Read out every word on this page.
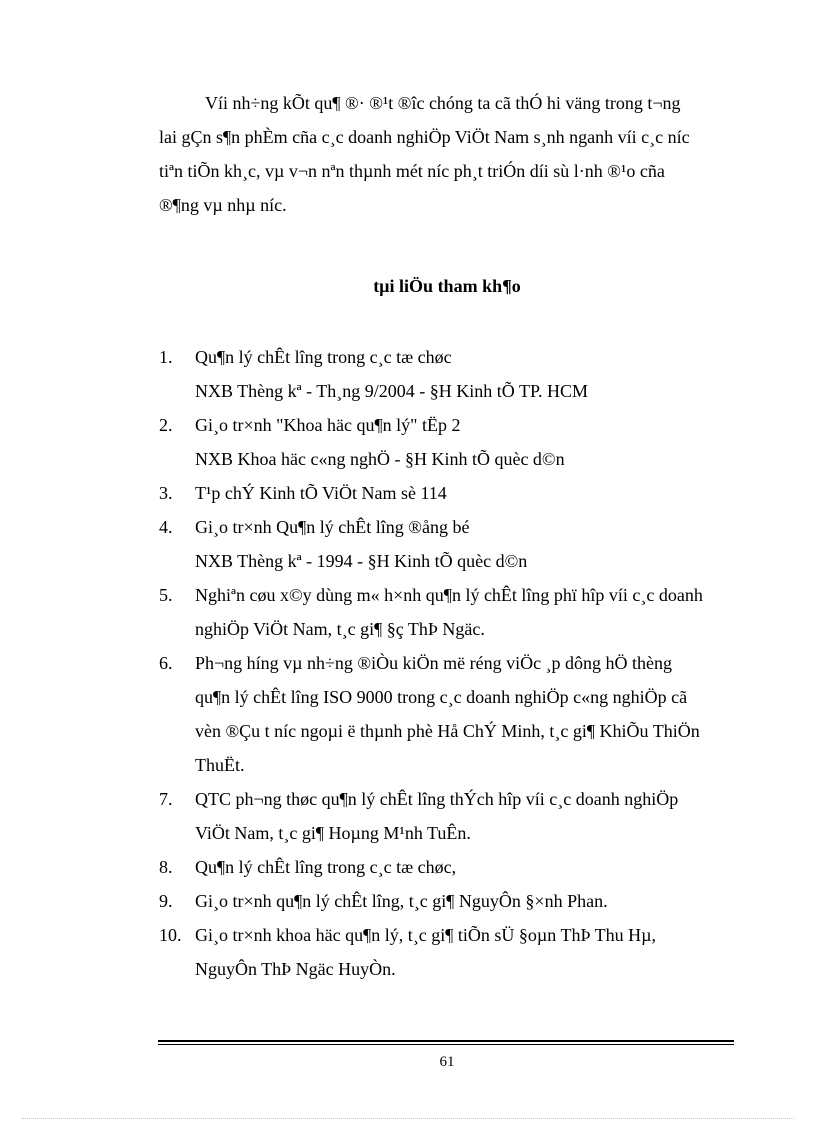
Víi nh÷ng kÕt qu¶ ®· ®¹t ®îc chóng ta cã thÓ hi väng trong t¬ng
lai gÇn s¶n phÈm cña c¸c doanh nghiÖp ViÖt Nam s¸nh nganh víi c¸c níc
tiªn tiÕn kh¸c, vµ v¬n nªn thµnh mét níc ph¸t triÓn díi sù l·nh ®¹o cña
®¶ng vµ nhµ níc.
tµi liÖu tham kh¶o
1. Qu¶n lý chÊt lîng trong c¸c tæ chøc
NXB Thèng kª - Th¸ng 9/2004 - §H Kinh tÕ TP. HCM
2. Gi¸o tr×nh "Khoa häc qu¶n lý" tËp 2
NXB Khoa häc c«ng nghÖ - §H Kinh tÕ quèc d©n
3. T¹p chÝ Kinh tÕ ViÖt Nam sè 114
4. Gi¸o tr×nh Qu¶n lý chÊt lîng ®ång bé
NXB Thèng kª - 1994 - §H Kinh tÕ quèc d©n
5. Nghiªn cøu x©y dùng m« h×nh qu¶n lý chÊt lîng phï hîp víi c¸c doanh
nghiÖp ViÖt Nam, t¸c gi¶ §ç ThÞ Ngäc.
6. Ph¬ng híng vµ nh÷ng ®iÒu kiÖn më réng viÖc ¸p dông hÖ thèng
qu¶n lý chÊt lîng ISO 9000 trong c¸c doanh nghiÖp c«ng nghiÖp cã
vèn ®Çu t níc ngoµi ë thµnh phè Hå ChÝ Minh, t¸c gi¶ KhiÕu ThiÖn
ThuËt.
7. QTC ph¬ng thøc qu¶n lý chÊt lîng thÝch hîp víi c¸c doanh nghiÖp
ViÖt Nam, t¸c gi¶ Hoµng M¹nh TuÊn.
8. Qu¶n lý chÊt lîng trong c¸c tæ chøc,
9. Gi¸o tr×nh qu¶n lý chÊt lîng, t¸c gi¶ NguyÔn §×nh Phan.
10. Gi¸o tr×nh khoa häc qu¶n lý, t¸c gi¶ tiÕn sÜ §oµn ThÞ Thu Hµ,
NguyÔn ThÞ Ngäc HuyÒn.
61
